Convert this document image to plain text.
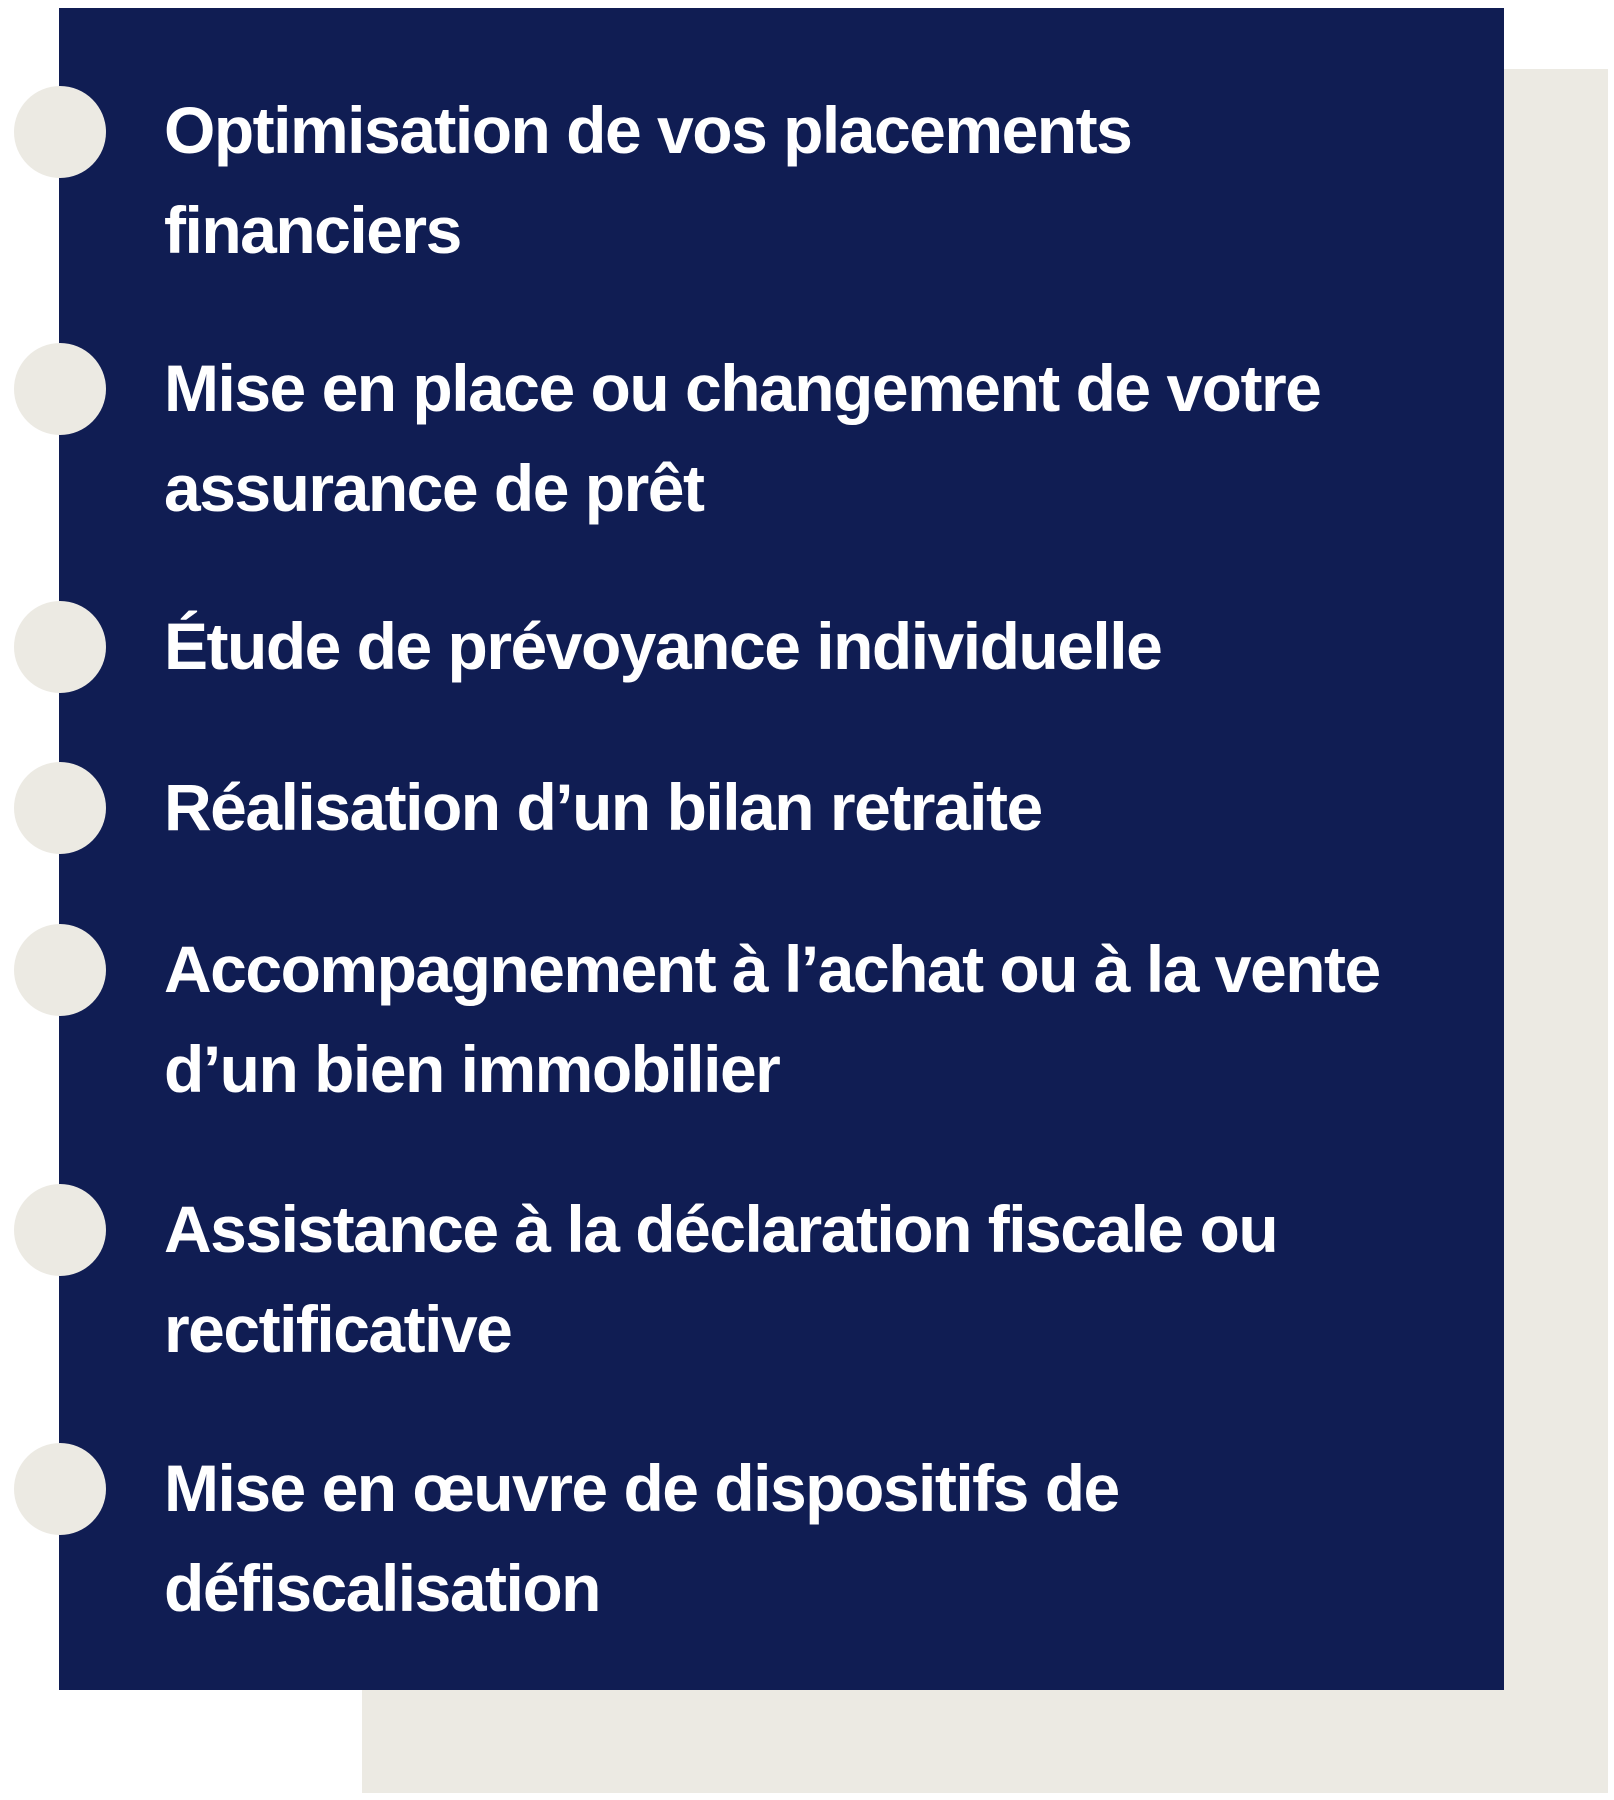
Optimisation de vos placements
financiers
Mise en place ou changement de votre
assurance de prêt
Étude de prévoyance individuelle
Réalisation d’un bilan retraite
Accompagnement à l’achat ou à la vente
d’un bien immobilier
Assistance à la déclaration fiscale ou
rectificative
Mise en œuvre de dispositifs de
défiscalisation
